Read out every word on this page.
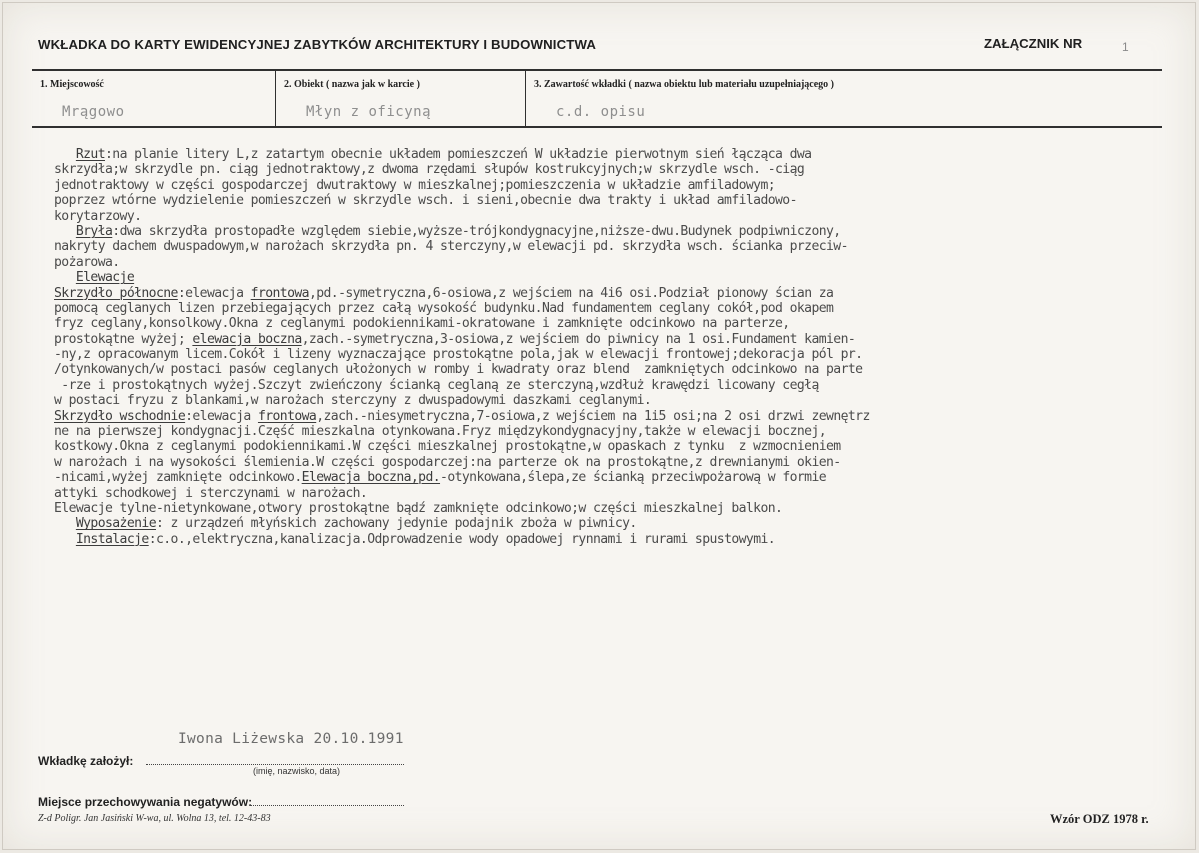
WKŁADKA DO KARTY EWIDENCYJNEJ ZABYTKÓW ARCHITEKTURY I BUDOWNICTWA	ZAŁĄCZNIK NR	1
1. Miejscowość	2. Obiekt ( nazwa jak w karcie )	3. Zawartość wkładki ( nazwa obiektu lub materiału uzupełniającego )
Mrągowo	Młyn z oficyną	c.d. opisu
Rzut:na planie litery L,z zatartym obecnie układem pomieszczeń W układzie pierwotnym sień łącząca dwa
skrzydła;w skrzydle pn. ciąg jednotraktowy,z dwoma rzędami słupów kostrukcyjnych;w skrzydle wsch. -ciąg
jednotraktowy w części gospodarczej dwutraktowy w mieszkalnej;pomieszczenia w układzie amfiladowym;
poprzez wtórne wydzielenie pomieszczeń w skrzydle wsch. i sieni,obecnie dwa trakty i układ amfiladowo-
korytarzowy.
Bryła:dwa skrzydła prostopadłe względem siebie,wyższe-trójkondygnacyjne,niższe-dwu.Budynek podpiwniczony,
nakryty dachem dwuspadowym,w narożach skrzydła pn. 4 sterczyny,w elewacji pd. skrzydła wsch. ścianka przeciw-
pożarowa.
Elewacje
Skrzydło północne:elewacja frontowa,pd.-symetryczna,6-osiowa,z wejściem na 4i6 osi.Podział pionowy ścian za
pomocą ceglanych lizen przebiegających przez całą wysokość budynku.Nad fundamentem ceglany cokół,pod okapem
fryz ceglany,konsolkowy.Okna z ceglanymi podokiennikami-okratowane i zamknięte odcinkowo na parterze,
prostokątne wyżej; elewacja boczna,zach.-symetryczna,3-osiowa,z wejściem do piwnicy na 1 osi.Fundament kamien-
-ny,z opracowanym licem.Cokół i lizeny wyznaczające prostokątne pola,jak w elewacji frontowej;dekoracja pól pr.
/otynkowanych/w postaci pasów ceglanych ułożonych w romby i kwadraty oraz blend  zamkniętych odcinkowo na parte
-rze i prostokątnych wyżej.Szczyt zwieńczony ścianką ceglaną ze sterczyną,wzdłuż krawędzi licowany cegłą
w postaci fryzu z blankami,w narożach sterczyny z dwuspadowymi daszkami ceglanymi.
Skrzydło wschodnie:elewacja frontowa,zach.-niesymetryczna,7-osiowa,z wejściem na 1i5 osi;na 2 osi drzwi zewnętrz
ne na pierwszej kondygnacji.Część mieszkalna otynkowana.Fryz międzykondygnacyjny,także w elewacji bocznej,
kostkowy.Okna z ceglanymi podokiennikami.W części mieszkalnej prostokątne,w opaskach z tynku  z wzmocnieniem
w narożach i na wysokości ślemienia.W części gospodarczej:na parterze ok na prostokątne,z drewnianymi okien-
-nicami,wyżej zamknięte odcinkowo.Elewacja boczna,pd.-otynkowana,ślepa,ze ścianką przeciwpożarową w formie
attyki schodkowej i sterczynami w narożach.
Elewacje tylne-nietynkowane,otwory prostokątne bądź zamknięte odcinkowo;w części mieszkalnej balkon.
Wyposażenie: z urządzeń młyńskich zachowany jedynie podajnik zboża w piwnicy.
Instalacje:c.o.,elektryczna,kanalizacja.Odprowadzenie wody opadowej rynnami i rurami spustowymi.
Iwona Liżewska 20.10.1991
Wkładkę założył:
(imię, nazwisko, data)
Miejsce przechowywania negatywów:
Z-d Poligr. Jan Jasiński W-wa, ul. Wolna 13, tel. 12-43-83	Wzór ODZ 1978 r.
